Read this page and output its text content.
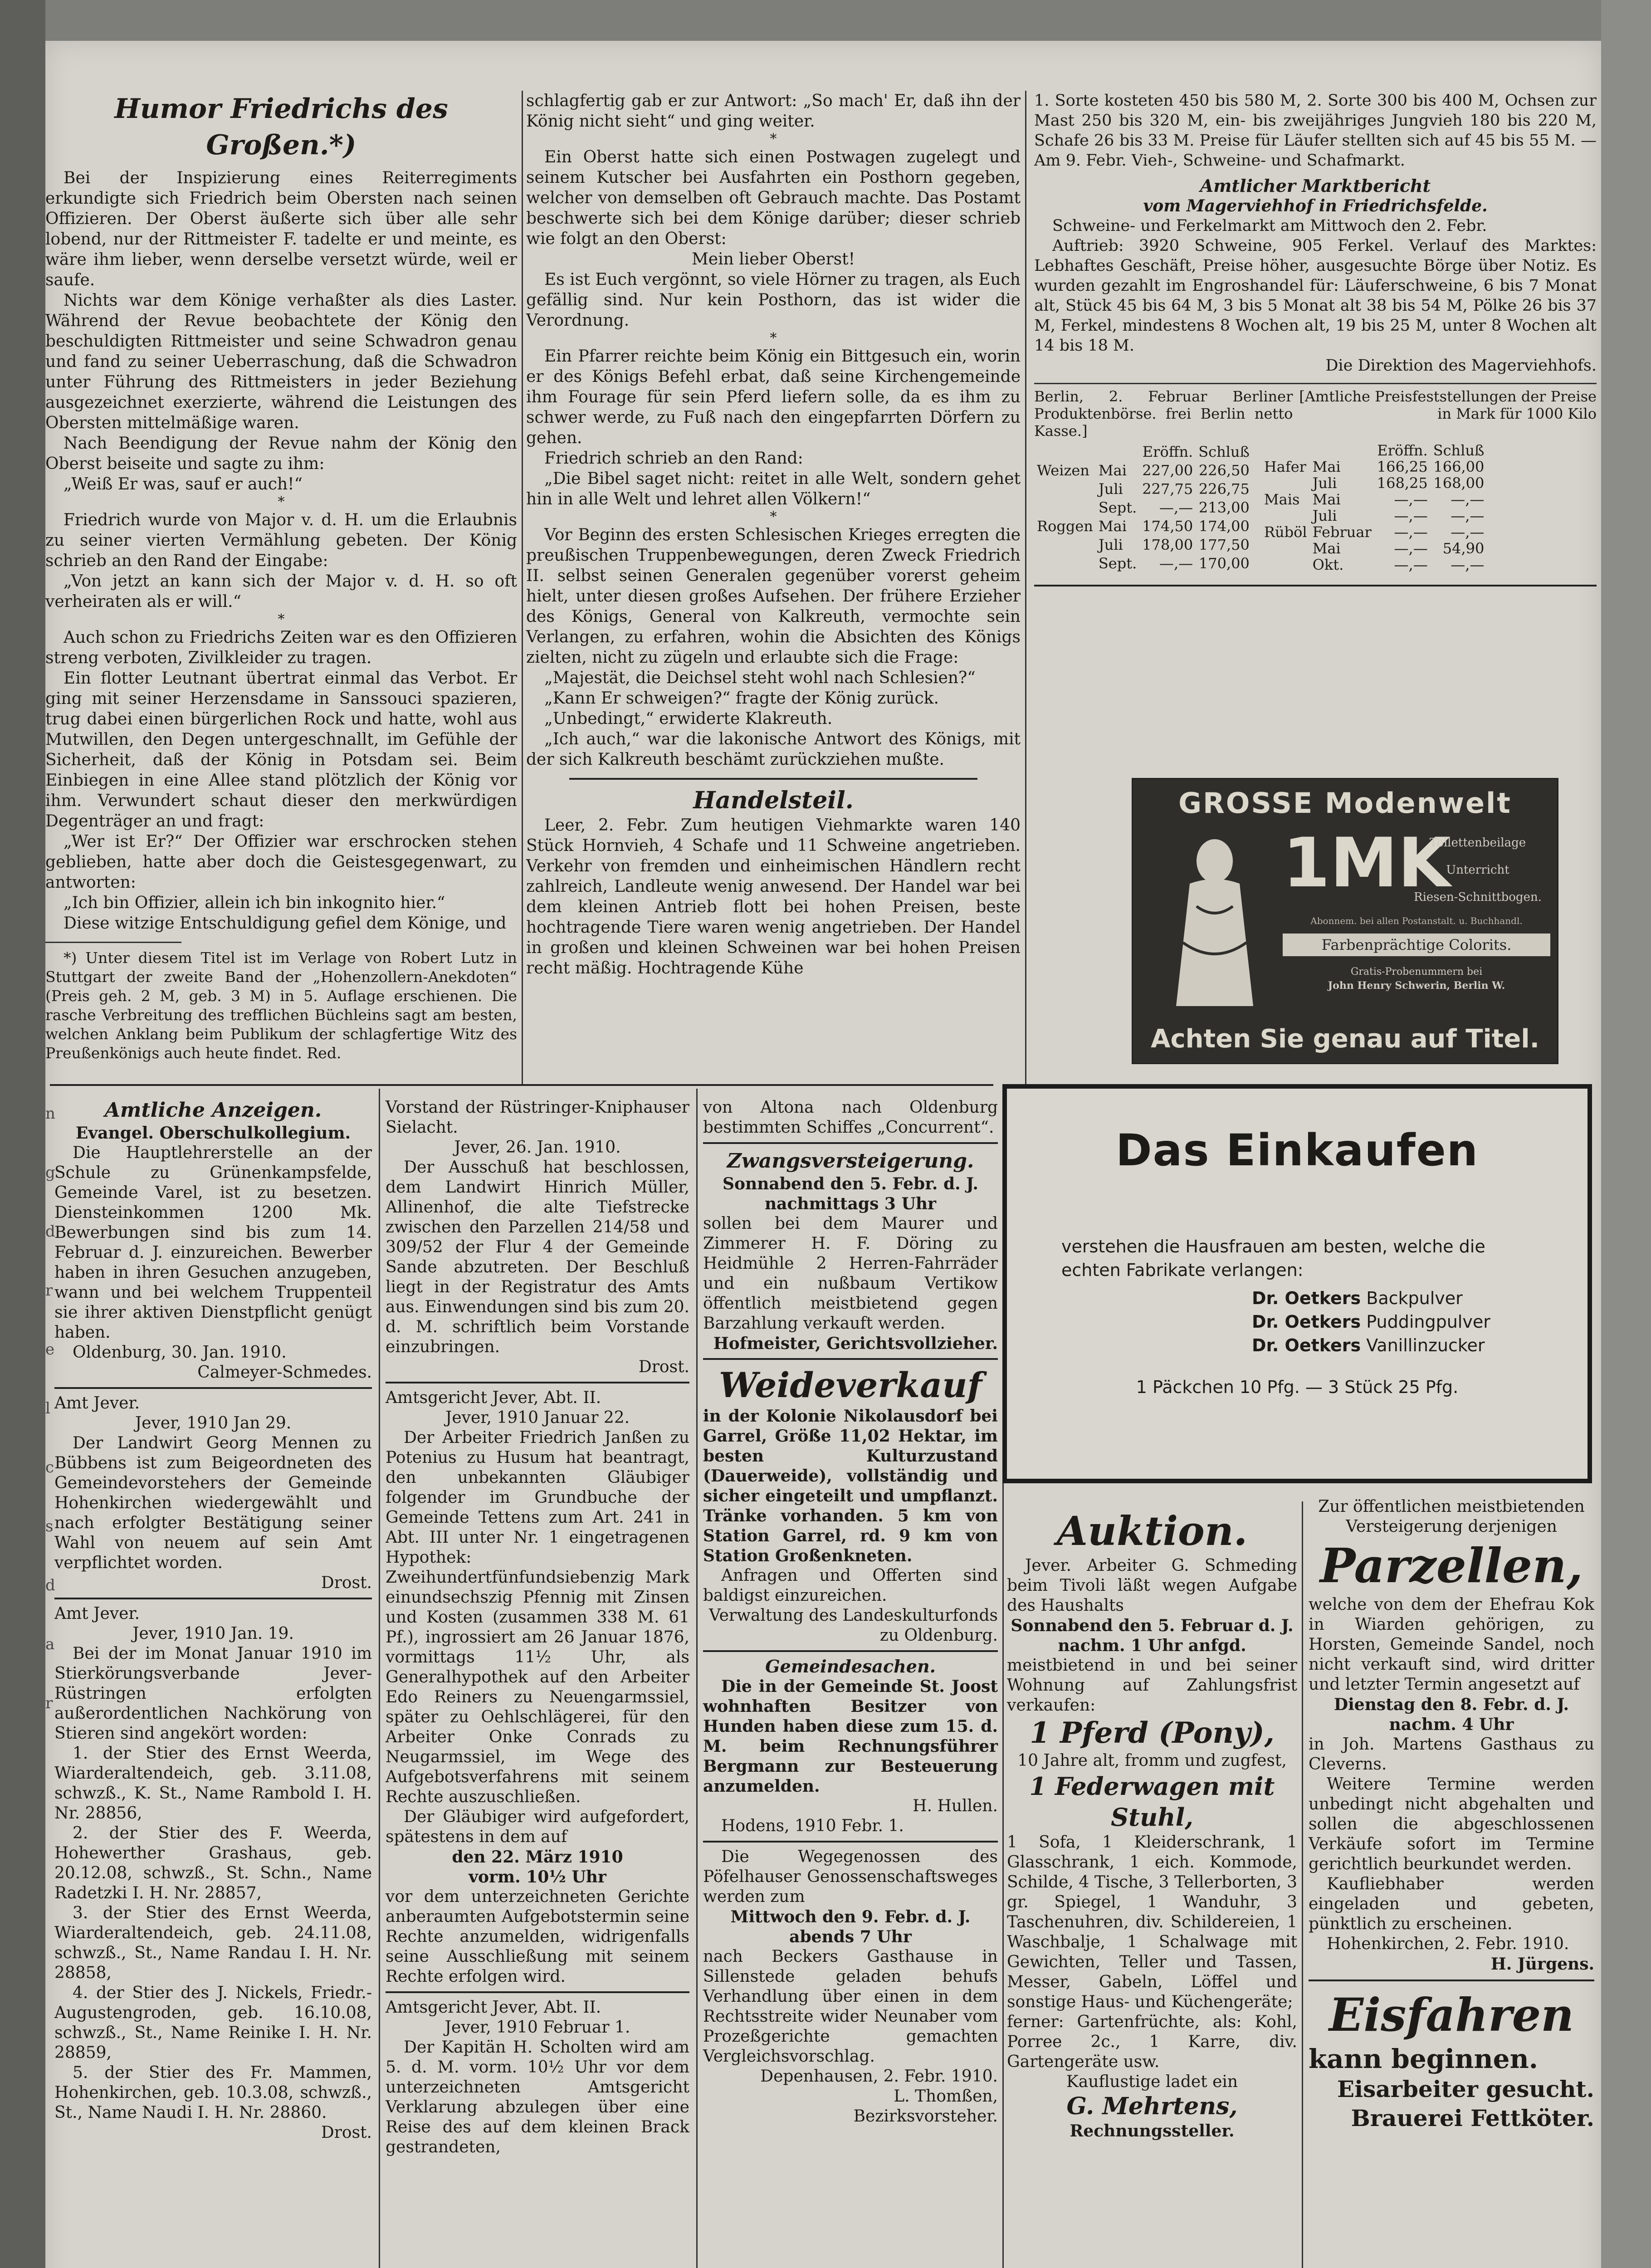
ngdrelcsdar
Humor Friedrichs des Großen.*)

Bei der Inspizierung eines Reiterregiments erkundigte sich Friedrich beim Obersten nach seinen Offizieren. Der Oberst äußerte sich über alle sehr lobend, nur der Rittmeister F. tadelte er und meinte, es wäre ihm lieber, wenn derselbe versetzt würde, weil er saufe.

Nichts war dem Könige verhaßter als dies Laster. Während der Revue beobachtete der König den beschuldigten Rittmeister und seine Schwadron genau und fand zu seiner Ueberraschung, daß die Schwadron unter Führung des Rittmeisters in jeder Beziehung ausgezeichnet exerzierte, während die Leistungen des Obersten mittelmäßige waren.

Nach Beendigung der Revue nahm der König den Oberst beiseite und sagte zu ihm:

„Weiß Er was, sauf er auch!“

*

Friedrich wurde von Major v. d. H. um die Erlaubnis zu seiner vierten Vermählung gebeten. Der König schrieb an den Rand der Eingabe:

„Von jetzt an kann sich der Major v. d. H. so oft verheiraten als er will.“

*

Auch schon zu Friedrichs Zeiten war es den Offizieren streng verboten, Zivilkleider zu tragen.

Ein flotter Leutnant übertrat einmal das Verbot. Er ging mit seiner Herzensdame in Sanssouci spazieren, trug dabei einen bürgerlichen Rock und hatte, wohl aus Mutwillen, den Degen untergeschnallt, im Gefühle der Sicherheit, daß der König in Potsdam sei. Beim Einbiegen in eine Allee stand plötzlich der König vor ihm. Verwundert schaut dieser den merkwürdigen Degenträger an und fragt:

„Wer ist Er?“ Der Offizier war erschrocken stehen geblieben, hatte aber doch die Geistesgegenwart, zu antworten:

„Ich bin Offizier, allein ich bin inkognito hier.“

Diese witzige Entschuldigung gefiel dem Könige, und

*) Unter diesem Titel ist im Verlage von Robert Lutz in Stuttgart der zweite Band der „Hohenzollern-Anekdoten“ (Preis geh. 2 M, geb. 3 M) in 5. Auflage erschienen. Die rasche Verbreitung des trefflichen Büchleins sagt am besten, welchen Anklang beim Publikum der schlagfertige Witz des Preußenkönigs auch heute findet. Red.

schlagfertig gab er zur Antwort: „So mach' Er, daß ihn der König nicht sieht“ und ging weiter.

*

Ein Oberst hatte sich einen Postwagen zugelegt und seinem Kutscher bei Ausfahrten ein Posthorn gegeben, welcher von demselben oft Gebrauch machte. Das Postamt beschwerte sich bei dem Könige darüber; dieser schrieb wie folgt an den Oberst:

Mein lieber Oberst!

Es ist Euch vergönnt, so viele Hörner zu tragen, als Euch gefällig sind. Nur kein Posthorn, das ist wider die Verordnung.

*

Ein Pfarrer reichte beim König ein Bittgesuch ein, worin er des Königs Befehl erbat, daß seine Kirchengemeinde ihm Fourage für sein Pferd liefern solle, da es ihm zu schwer werde, zu Fuß nach den eingepfarrten Dörfern zu gehen.

Friedrich schrieb an den Rand:

„Die Bibel saget nicht: reitet in alle Welt, sondern gehet hin in alle Welt und lehret allen Völkern!“

*

Vor Beginn des ersten Schlesischen Krieges erregten die preußischen Truppenbewegungen, deren Zweck Friedrich II. selbst seinen Generalen gegenüber vorerst geheim hielt, unter diesen großes Aufsehen. Der frühere Erzieher des Königs, General von Kalkreuth, vermochte sein Verlangen, zu erfahren, wohin die Absichten des Königs zielten, nicht zu zügeln und erlaubte sich die Frage:

„Majestät, die Deichsel steht wohl nach Schlesien?“

„Kann Er schweigen?“ fragte der König zurück.

„Unbedingt,“ erwiderte Klakreuth.

„Ich auch,“ war die lakonische Antwort des Königs, mit der sich Kalkreuth beschämt zurückziehen mußte.

Handelsteil.

Leer, 2. Febr. Zum heutigen Viehmarkte waren 140 Stück Hornvieh, 4 Schafe und 11 Schweine angetrieben. Verkehr von fremden und einheimischen Händlern recht zahlreich, Landleute wenig anwesend. Der Handel war bei dem kleinen Antrieb flott bei hohen Preisen, beste hochtragende Tiere waren wenig angetrieben. Der Handel in großen und kleinen Schweinen war bei hohen Preisen recht mäßig. Hochtragende Kühe

1. Sorte kosteten 450 bis 580 M, 2. Sorte 300 bis 400 M, Ochsen zur Mast 250 bis 320 M, ein- bis zweijähriges Jungvieh 180 bis 220 M, Schafe 26 bis 33 M. Preise für Läufer stellten sich auf 45 bis 55 M. — Am 9. Febr. Vieh-, Schweine- und Schafmarkt.

Amtlicher Marktbericht
vom Magerviehhof in Friedrichsfelde.

Schweine- und Ferkelmarkt am Mittwoch den 2. Febr.

Auftrieb: 3920 Schweine, 905 Ferkel. Verlauf des Marktes: Lebhaftes Geschäft, Preise höher, ausgesuchte Börge über Notiz. Es wurden gezahlt im Engroshandel für: Läuferschweine, 6 bis 7 Monat alt, Stück 45 bis 64 M, 3 bis 5 Monat alt 38 bis 54 M, Pölke 26 bis 37 M, Ferkel, mindestens 8 Wochen alt, 19 bis 25 M, unter 8 Wochen alt 14 bis 18 M.

Die Direktion des Magerviehhofs.

Berlin, 2. Februar Berliner Produktenbörse. frei Berlin netto Kasse.]
[Amtliche Preisfeststellungen der Preise in Mark für 1000 Kilo
		Eröffn.	Schluß
Weizen	Mai	227,00	226,50
	Juli	227,75	226,75
	Sept.	—,—	213,00
Roggen	Mai	174,50	174,00
	Juli	178,00	177,50
	Sept.	—,—	170,00
		Eröffn.	Schluß
Hafer	Mai	166,25	166,00
	Juli	168,25	168,00
Mais	Mai	—,—	—,—
	Juli	—,—	—,—
Rüböl	Februar	—,—	—,—
	Mai	—,—	54,90
	Okt.	—,—	—,—
GROSSE Modenwelt
1MK
Toilettenbeilage
Unterricht
Riesen-Schnittbogen.
Abonnem. bei allen Postanstalt. u. Buchhandl.
Farbenprächtige Colorits.
Gratis-Probenummern bei
John Henry Schwerin, Berlin W.
Achten Sie genau auf Titel.
Amtliche Anzeigen.
Evangel. Oberschulkollegium.

Die Hauptlehrerstelle an der Schule zu Grünenkampsfelde, Gemeinde Varel, ist zu besetzen. Diensteinkommen 1200 Mk. Bewerbungen sind bis zum 14. Februar d. J. einzureichen. Bewerber haben in ihren Gesuchen anzugeben, wann und bei welchem Truppenteil sie ihrer aktiven Dienstpflicht genügt haben.

Oldenburg, 30. Jan. 1910.

Calmeyer-Schmedes.

Amt Jever.

Jever, 1910 Jan 29.

Der Landwirt Georg Mennen zu Bübbens ist zum Beigeordneten des Gemeindevorstehers der Gemeinde Hohenkirchen wiedergewählt und nach erfolgter Bestätigung seiner Wahl von neuem auf sein Amt verpflichtet worden.

Drost.

Amt Jever.

Jever, 1910 Jan. 19.

Bei der im Monat Januar 1910 im Stierkörungsverbande Jever-Rüstringen erfolgten außerordentlichen Nachkörung von Stieren sind angekört worden:

1. der Stier des Ernst Weerda, Wiarderaltendeich, geb. 3.11.08, schwzß., K. St., Name Rambold I. H. Nr. 28856,

2. der Stier des F. Weerda, Hohewerther Grashaus, geb. 20.12.08, schwzß., St. Schn., Name Radetzki I. H. Nr. 28857,

3. der Stier des Ernst Weerda, Wiarderaltendeich, geb. 24.11.08, schwzß., St., Name Randau I. H. Nr. 28858,

4. der Stier des J. Nickels, Friedr.-Augustengroden, geb. 16.10.08, schwzß., St., Name Reinike I. H. Nr. 28859,

5. der Stier des Fr. Mammen, Hohenkirchen, geb. 10.3.08, schwzß., St., Name Naudi I. H. Nr. 28860.

Drost.

Vorstand der Rüstringer-Kniphauser Sielacht.

Jever, 26. Jan. 1910.

Der Ausschuß hat beschlossen, dem Landwirt Hinrich Müller, Allinenhof, die alte Tiefstrecke zwischen den Parzellen 214/58 und 309/52 der Flur 4 der Gemeinde Sande abzutreten. Der Beschluß liegt in der Registratur des Amts aus. Einwendungen sind bis zum 20. d. M. schriftlich beim Vorstande einzubringen.

Drost.

Amtsgericht Jever, Abt. II.

Jever, 1910 Januar 22.

Der Arbeiter Friedrich Janßen zu Potenius zu Husum hat beantragt, den unbekannten Gläubiger folgender im Grundbuche der Gemeinde Tettens zum Art. 241 in Abt. III unter Nr. 1 eingetragenen Hypothek: Zweihundertfünfundsiebenzig Mark einundsechszig Pfennig mit Zinsen und Kosten (zusammen 338 M. 61 Pf.), ingrossiert am 26 Januar 1876, vormittags 11½ Uhr, als Generalhypothek auf den Arbeiter Edo Reiners zu Neuengarmssiel, später zu Oehlschlägerei, für den Arbeiter Onke Conrads zu Neugarmssiel, im Wege des Aufgebotsverfahrens mit seinem Rechte auszuschließen.

Der Gläubiger wird aufgefordert, spätestens in dem auf

den 22. März 1910

vorm. 10½ Uhr

vor dem unterzeichneten Gerichte anberaumten Aufgebotstermin seine Rechte anzumelden, widrigenfalls seine Ausschließung mit seinem Rechte erfolgen wird.

Amtsgericht Jever, Abt. II.

Jever, 1910 Februar 1.

Der Kapitän H. Scholten wird am 5. d. M. vorm. 10½ Uhr vor dem unterzeichneten Amtsgericht Verklarung abzulegen über eine Reise des auf dem kleinen Brack gestrandeten,

von Altona nach Oldenburg bestimmten Schiffes „Concurrent“.

Zwangsversteigerung.

Sonnabend den 5. Febr. d. J. nachmittags 3 Uhr

sollen bei dem Maurer und Zimmerer H. F. Döring zu Heidmühle 2 Herren-Fahrräder und ein nußbaum Vertikow öffentlich meistbietend gegen Barzahlung verkauft werden.

Hofmeister, Gerichtsvollzieher.

Weideverkauf

in der Kolonie Nikolausdorf bei Garrel, Größe 11,02 Hektar, im besten Kulturzustand (Dauerweide), vollständig und sicher eingeteilt und umpflanzt. Tränke vorhanden. 5 km von Station Garrel, rd. 9 km von Station Großenkneten.

Anfragen und Offerten sind baldigst einzureichen.

Verwaltung des Landeskulturfonds zu Oldenburg.

Gemeindesachen.

Die in der Gemeinde St. Joost wohnhaften Besitzer von Hunden haben diese zum 15. d. M. beim Rechnungsführer Bergmann zur Besteuerung anzumelden.

H. Hullen.

Hodens, 1910 Febr. 1.

Die Wegegenossen des Pöfelhauser Genossenschaftsweges werden zum

Mittwoch den 9. Febr. d. J. abends 7 Uhr

nach Beckers Gasthause in Sillenstede geladen behufs Verhandlung über einen in dem Rechtsstreite wider Neunaber vom Prozeßgerichte gemachten Vergleichsvorschlag.

Depenhausen, 2. Febr. 1910.

L. Thomßen,

Bezirksvorsteher.

Das Einkaufen
verstehen die Hausfrauen am besten, welche die
echten Fabrikate verlangen:
Dr. Oetkers Backpulver
Dr. Oetkers Puddingpulver
Dr. Oetkers Vanillinzucker
1 Päckchen 10 Pfg. — 3 Stück 25 Pfg.
Auktion.

Jever. Arbeiter G. Schmeding beim Tivoli läßt wegen Aufgabe des Haushalts

Sonnabend den 5. Februar d. J. nachm. 1 Uhr anfgd.

meistbietend in und bei seiner Wohnung auf Zahlungsfrist verkaufen:

1 Pferd (Pony),

10 Jahre alt, fromm und zugfest,

1 Federwagen mit Stuhl,

1 Sofa, 1 Kleiderschrank, 1 Glasschrank, 1 eich. Kommode, Schilde, 4 Tische, 3 Tellerborten, 3 gr. Spiegel, 1 Wanduhr, 3 Taschenuhren, div. Schildereien, 1 Waschbalje, 1 Schalwage mit Gewichten, Teller und Tassen, Messer, Gabeln, Löffel und sonstige Haus- und Küchengeräte;

ferner: Gartenfrüchte, als: Kohl, Porree 2c., 1 Karre, div. Gartengeräte usw.

Kauflustige ladet ein

G. Mehrtens,

Rechnungssteller.

Zur öffentlichen meistbietenden Versteigerung derjenigen

Parzellen,

welche von dem der Ehefrau Kok in Wiarden gehörigen, zu Horsten, Gemeinde Sandel, noch nicht verkauft sind, wird dritter und letzter Termin angesetzt auf

Dienstag den 8. Febr. d. J. nachm. 4 Uhr

in Joh. Martens Gasthaus zu Cleverns.

Weitere Termine werden unbedingt nicht abgehalten und sollen die abgeschlossenen Verkäufe sofort im Termine gerichtlich beurkundet werden.

Kaufliebhaber werden eingeladen und gebeten, pünktlich zu erscheinen.

Hohenkirchen, 2. Febr. 1910.

H. Jürgens.

Eisfahren
kann beginnen.
Eisarbeiter gesucht.
Brauerei Fettköter.
